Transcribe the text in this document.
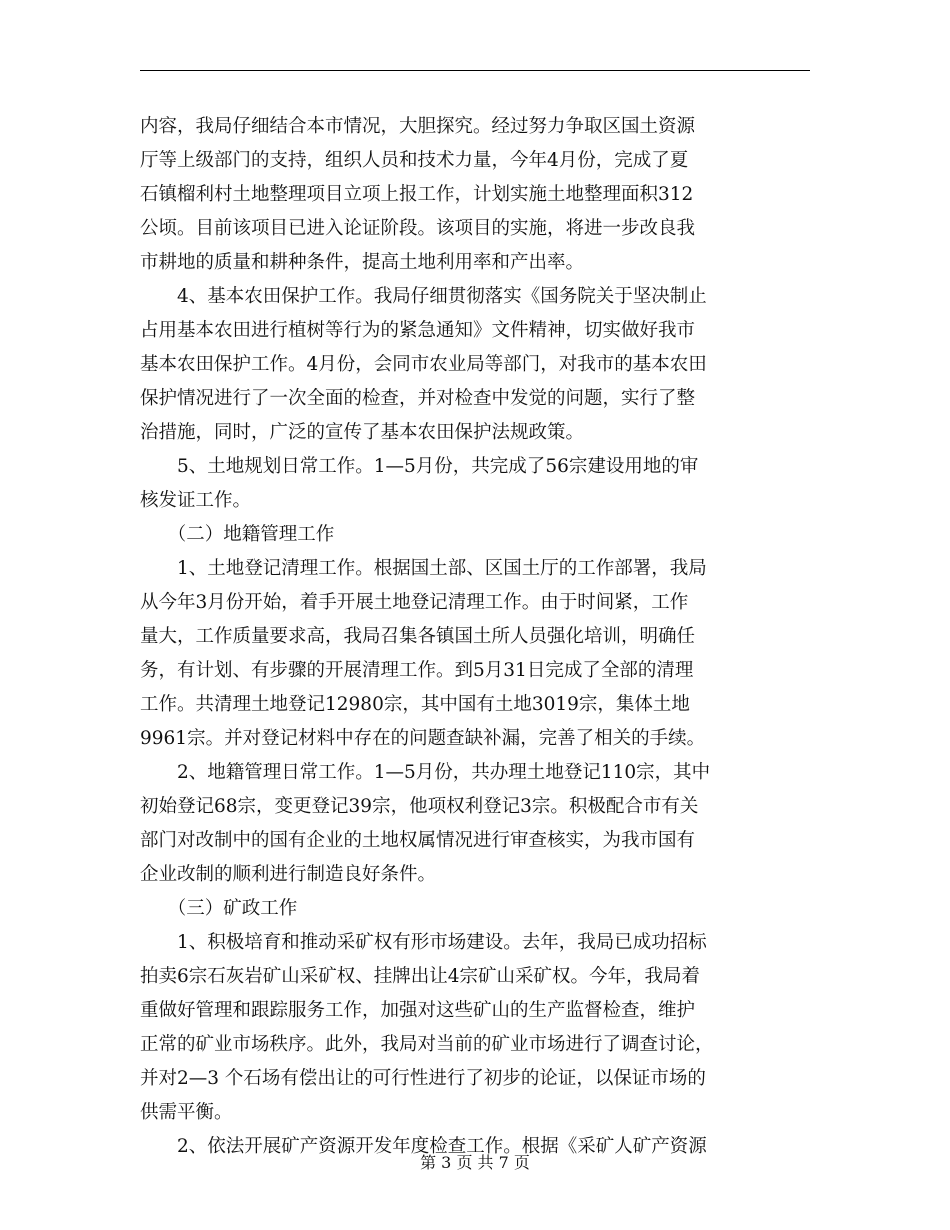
内容，我局仔细结合本市情况，大胆探究。经过努力争取区国土资源
厅等上级部门的支持，组织人员和技术力量，今年4月份，完成了夏
石镇榴利村土地整理项目立项上报工作，计划实施土地整理面积312
公顷。目前该项目已进入论证阶段。该项目的实施，将进一步改良我
市耕地的质量和耕种条件，提高土地利用率和产出率。
　　4、基本农田保护工作。我局仔细贯彻落实《国务院关于坚决制止
占用基本农田进行植树等行为的紧急通知》文件精神，切实做好我市
基本农田保护工作。4月份，会同市农业局等部门，对我市的基本农田
保护情况进行了一次全面的检查，并对检查中发觉的问题，实行了整
治措施，同时，广泛的宣传了基本农田保护法规政策。
　　5、土地规划日常工作。1—5月份，共完成了56宗建设用地的审
核发证工作。
　　（二）地籍管理工作
　　1、土地登记清理工作。根据国土部、区国土厅的工作部署，我局
从今年3月份开始，着手开展土地登记清理工作。由于时间紧，工作
量大，工作质量要求高，我局召集各镇国土所人员强化培训，明确任
务，有计划、有步骤的开展清理工作。到5月31日完成了全部的清理
工作。共清理土地登记12980宗，其中国有土地3019宗，集体土地
9961宗。并对登记材料中存在的问题查缺补漏，完善了相关的手续。
　　2、地籍管理日常工作。1—5月份，共办理土地登记110宗，其中
初始登记68宗，变更登记39宗，他项权利登记3宗。积极配合市有关
部门对改制中的国有企业的土地权属情况进行审查核实，为我市国有
企业改制的顺利进行制造良好条件。
　　（三）矿政工作
　　1、积极培育和推动采矿权有形市场建设。去年，我局已成功招标
拍卖6宗石灰岩矿山采矿权、挂牌出让4宗矿山采矿权。今年，我局着
重做好管理和跟踪服务工作，加强对这些矿山的生产监督检查，维护
正常的矿业市场秩序。此外，我局对当前的矿业市场进行了调查讨论，
并对2—3 个石场有偿出让的可行性进行了初步的论证，以保证市场的
供需平衡。
　　2、依法开展矿产资源开发年度检查工作。根据《采矿人矿产资源
第 3 页 共 7 页
